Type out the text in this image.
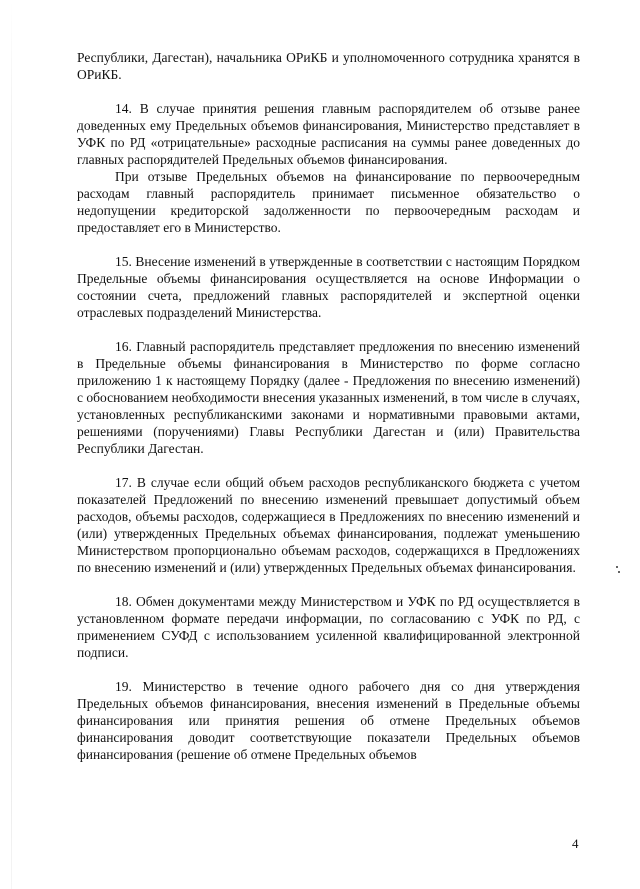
Республики, Дагестан), начальника ОРиКБ и уполномоченного сотрудника хранятся в ОРиКБ.

14. В случае принятия решения главным распорядителем об отзыве ранее доведенных ему Предельных объемов финансирования, Министерство представляет в УФК по РД «отрицательные» расходные расписания на суммы ранее доведенных до главных распорядителей Предельных объемов финансирования.

При отзыве Предельных объемов на финансирование по первоочередным расходам главный распорядитель принимает письменное обязательство о недопущении кредиторской задолженности по первоочередным расходам и предоставляет его в Министерство.

15. Внесение изменений в утвержденные в соответствии с настоящим Порядком Предельные объемы финансирования осуществляется на основе Информации о состоянии счета, предложений главных распорядителей и экспертной оценки отраслевых подразделений Министерства.

16. Главный распорядитель представляет предложения по внесению изменений в Предельные объемы финансирования в Министерство по форме согласно приложению 1 к настоящему Порядку (далее - Предложения по внесению изменений) с обоснованием необходимости внесения указанных изменений, в том числе в случаях, установленных республиканскими законами и нормативными правовыми актами, решениями (поручениями) Главы Республики Дагестан и (или) Правительства Республики Дагестан.

17. В случае если общий объем расходов республиканского бюджета с учетом показателей Предложений по внесению изменений превышает допустимый объем расходов, объемы расходов, содержащиеся в Предложениях по внесению изменений и (или) утвержденных Предельных объемах финансирования, подлежат уменьшению Министерством пропорционально объемам расходов, содержащихся в Предложениях по внесению изменений и (или) утвержденных Предельных объемах финансирования.

18. Обмен документами между Министерством и УФК по РД осуществляется в установленном формате передачи информации, по согласованию с УФК по РД, с применением СУФД с использованием усиленной квалифицированной электронной подписи.

19. Министерство в течение одного рабочего дня со дня утверждения Предельных объемов финансирования, внесения изменений в Предельные объемы финансирования или принятия решения об отмене Предельных объемов финансирования доводит соответствующие показатели Предельных объемов финансирования (решение об отмене Предельных объемов

4
